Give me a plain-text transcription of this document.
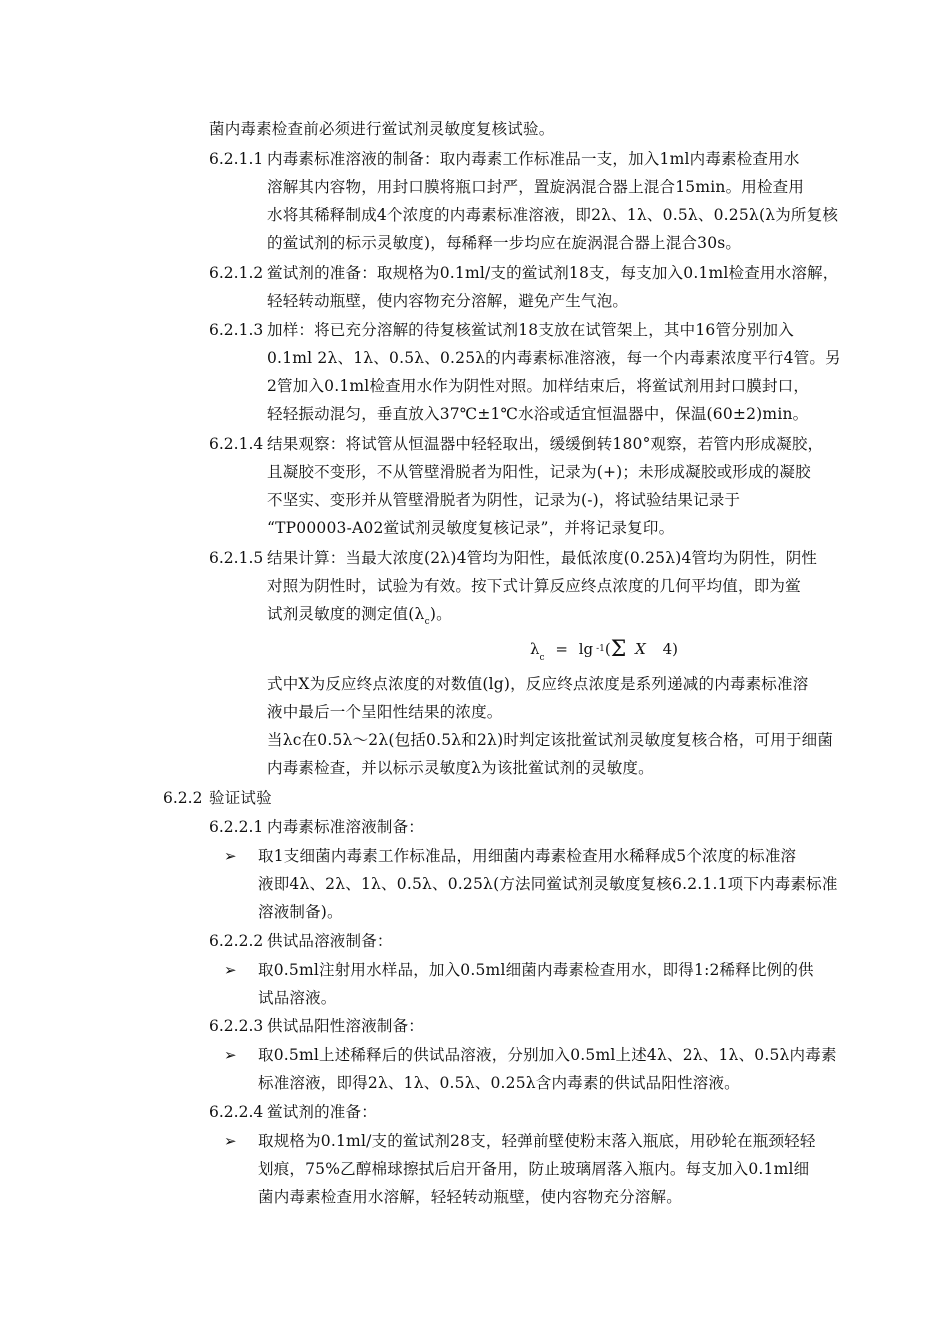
菌内毒素检查前必须进行鲎试剂灵敏度复核试验。
6.2.1.1 内毒素标准溶液的制备：取内毒素工作标准品一支，加入1ml内毒素检查用水
溶解其内容物，用封口膜将瓶口封严，置旋涡混合器上混合15min。用检查用
水将其稀释制成4个浓度的内毒素标准溶液，即2λ、1λ、0.5λ、0.25λ(λ为所复核
的鲎试剂的标示灵敏度)，每稀释一步均应在旋涡混合器上混合30s。
6.2.1.2 鲎试剂的准备：取规格为0.1ml/支的鲎试剂18支，每支加入0.1ml检查用水溶解，
轻轻转动瓶壁，使内容物充分溶解，避免产生气泡。
6.2.1.3 加样：将已充分溶解的待复核鲎试剂18支放在试管架上，其中16管分别加入
0.1ml 2λ、1λ、0.5λ、0.25λ的内毒素标准溶液，每一个内毒素浓度平行4管。另
2管加入0.1ml检查用水作为阴性对照。加样结束后，将鲎试剂用封口膜封口，
轻轻振动混匀，垂直放入37℃±1℃水浴或适宜恒温器中，保温(60±2)min。
6.2.1.4 结果观察：将试管从恒温器中轻轻取出，缓缓倒转180°观察，若管内形成凝胶，
且凝胶不变形，不从管壁滑脱者为阳性，记录为(+)；未形成凝胶或形成的凝胶
不坚实、变形并从管壁滑脱者为阴性，记录为(-)，将试验结果记录于
“TP00003-A02鲎试剂灵敏度复核记录”，并将记录复印。
6.2.1.5 结果计算：当最大浓度(2λ)4管均为阳性，最低浓度(0.25λ)4管均为阴性，阴性
对照为阴性时，试验为有效。按下式计算反应终点浓度的几何平均值，即为鲎
试剂灵敏度的测定值$(\lambda_c)$。
$\lambda_c = \lg ^{-1}(\Sigma$ X 4)
式中X为反应终点浓度的对数值(lg)，反应终点浓度是系列递减的内毒素标准溶
液中最后一个呈阳性结果的浓度。
当λc在0.5λ～2λ(包括0.5λ和2λ)时判定该批鲎试剂灵敏度复核合格，可用于细菌
内毒素检查，并以标示灵敏度λ为该批鲎试剂的灵敏度。
6.2.2 验证试验
6.2.2.1 内毒素标准溶液制备：
➢ 取1支细菌内毒素工作标准品，用细菌内毒素检查用水稀释成5个浓度的标准溶
液即4λ、2λ、1λ、0.5λ、0.25λ(方法同鲎试剂灵敏度复核6.2.1.1项下内毒素标准
溶液制备)。
6.2.2.2 供试品溶液制备：
➢ 取0.5ml注射用水样品，加入0.5ml细菌内毒素检查用水，即得1:2稀释比例的供
试品溶液。
6.2.2.3 供试品阳性溶液制备：
➢ 取0.5ml上述稀释后的供试品溶液，分别加入0.5ml上述4λ、2λ、1λ、0.5λ内毒素
标准溶液，即得2λ、1λ、0.5λ、0.25λ含内毒素的供试品阳性溶液。
6.2.2.4 鲎试剂的准备：
➢ 取规格为0.1ml/支的鲎试剂28支，轻弹前壁使粉末落入瓶底，用砂轮在瓶颈轻轻
划痕，75%乙醇棉球擦拭后启开备用，防止玻璃屑落入瓶内。每支加入0.1ml细
菌内毒素检查用水溶解，轻轻转动瓶壁，使内容物充分溶解。
